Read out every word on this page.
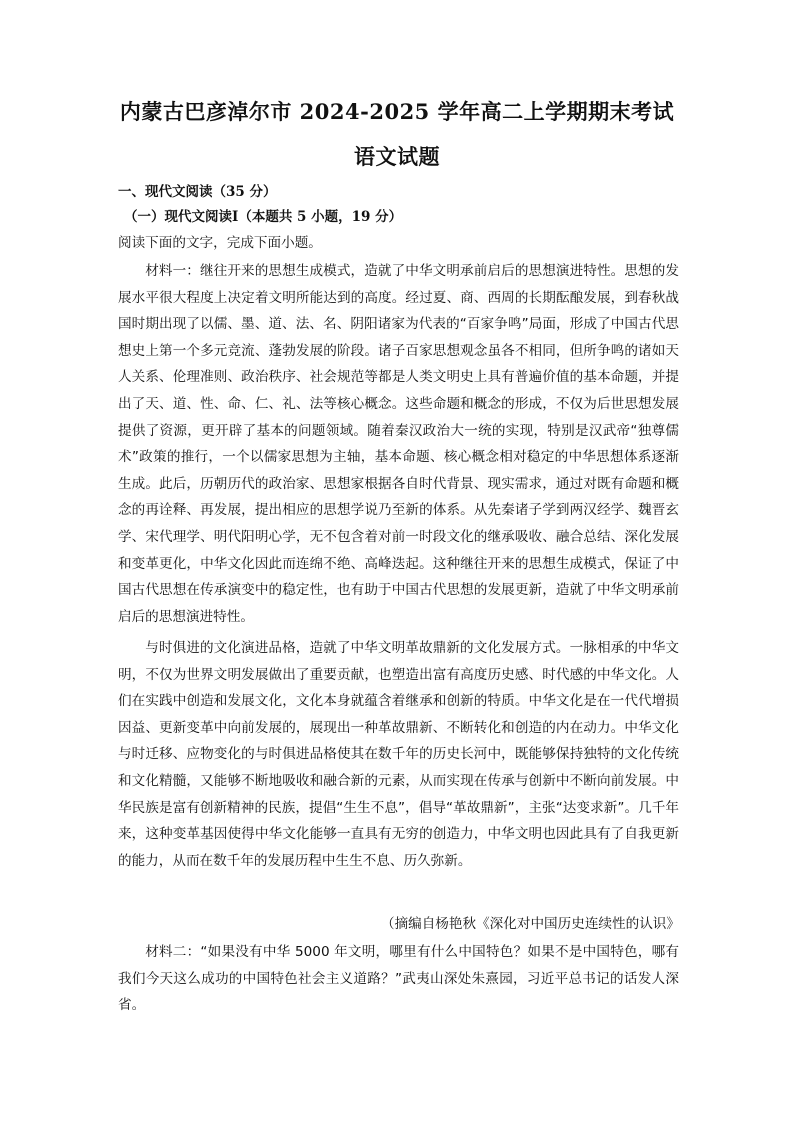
内蒙古巴彦淖尔市 2024-2025 学年高二上学期期末考试
语文试题
一、现代文阅读（35 分）
（一）现代文阅读Ⅰ（本题共 5 小题，19 分）

阅读下面的文字，完成下面小题。

材料一：继往开来的思想生成模式，造就了中华文明承前启后的思想演进特性。思想的发展水平很大程度上决定着文明所能达到的高度。经过夏、商、西周的长期酝酿发展，到春秋战国时期出现了以儒、墨、道、法、名、阴阳诸家为代表的“百家争鸣”局面，形成了中国古代思想史上第一个多元竞流、蓬勃发展的阶段。诸子百家思想观念虽各不相同，但所争鸣的诸如天人关系、伦理准则、政治秩序、社会规范等都是人类文明史上具有普遍价值的基本命题，并提出了天、道、性、命、仁、礼、法等核心概念。这些命题和概念的形成，不仅为后世思想发展提供了资源，更开辟了基本的问题领域。随着秦汉政治大一统的实现，特别是汉武帝“独尊儒术”政策的推行，一个以儒家思想为主轴，基本命题、核心概念相对稳定的中华思想体系逐渐生成。此后，历朝历代的政治家、思想家根据各自时代背景、现实需求，通过对既有命题和概念的再诠释、再发展，提出相应的思想学说乃至新的体系。从先秦诸子学到两汉经学、魏晋玄学、宋代理学、明代阳明心学，无不包含着对前一时段文化的继承吸收、融合总结、深化发展和变革更化，中华文化因此而连绵不绝、高峰迭起。这种继往开来的思想生成模式，保证了中国古代思想在传承演变中的稳定性，也有助于中国古代思想的发展更新，造就了中华文明承前启后的思想演进特性。

与时俱进的文化演进品格，造就了中华文明革故鼎新的文化发展方式。一脉相承的中华文明，不仅为世界文明发展做出了重要贡献，也塑造出富有高度历史感、时代感的中华文化。人们在实践中创造和发展文化，文化本身就蕴含着继承和创新的特质。中华文化是在一代代增损因益、更新变革中向前发展的，展现出一种革故鼎新、不断转化和创造的内在动力。中华文化与时迁移、应物变化的与时俱进品格使其在数千年的历史长河中，既能够保持独特的文化传统和文化精髓，又能够不断地吸收和融合新的元素，从而实现在传承与创新中不断向前发展。中华民族是富有创新精神的民族，提倡“生生不息”，倡导“革故鼎新”，主张“达变求新”。几千年来，这种变革基因使得中华文化能够一直具有无穷的创造力，中华文明也因此具有了自我更新的能力，从而在数千年的发展历程中生生不息、历久弥新。

（摘编自杨艳秋《深化对中国历史连续性的认识》

材料二：“如果没有中华 5000 年文明，哪里有什么中国特色？如果不是中国特色，哪有我们今天这么成功的中国特色社会主义道路？”武夷山深处朱熹园，习近平总书记的话发人深省。
